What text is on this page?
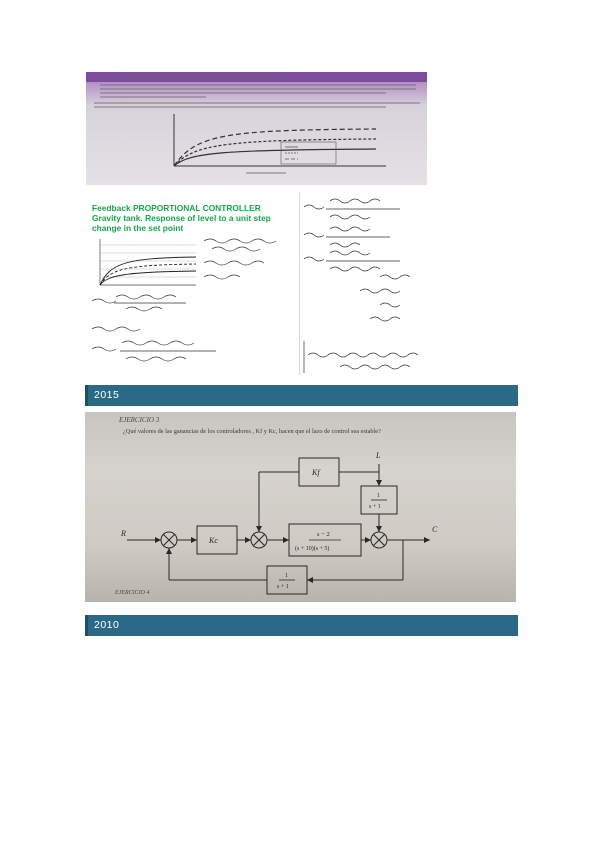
Feedback PROPORTIONAL CONTROLLER
Gravity tank. Response of level to a unit step
change in the set point
2015
EJERCICIO 3
¿Qué valores de las ganancias de los controladores , Kf y Kc, hacen que el lazo de control sea estable?
R	C
L
Kc
Kf
s − 2
(s + 10)(s + 5)
1
s + 1
1
s + 1
EJERCICIO 4
2010
